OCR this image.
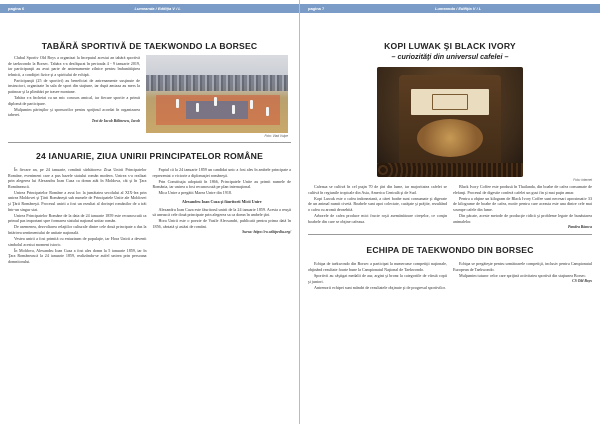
pagina 6	Lumeanda / Edifiţia V / L
TABĂRĂ SPORTIVĂ DE TAEKWONDO LA BORSEC

Clubul Sportiv Old Boys a organizat la începutul acestui an tabără sportivă de taekwondo la Borsec. Tabăra s-a desfăşurat în perioada 4 - 9 ianuarie 2019, iar participanţii au avut parte de antrenamente zilnice pentru îmbunătăţirea tehnicii, a condiţiei fizice şi a spiritului de echipă.

Participanţii (25 de sportivi) au beneficiat de antrenamente susţinute de instructori, organizate în sala de sport din staţiune, iar după amiaza au mers la patinoar şi la plimbări pe trasee montane.

Tabăra s-a încheiat cu un mic concurs amical, iar fiecare sportiv a primit diplomă de participare.

Mulţumim părinţilor şi sponsorilor pentru sprijinul acordat în organizarea taberei.

Text de Iacob Bălinescu, Iacob
Foto: Vlad Vulpe
24 IANUARIE, ZIUA UNIRII PRINCIPATELOR ROMÂNE

În fiecare an, pe 24 ianuarie, românii sărbătoresc Ziua Unirii Principatelor Române, eveniment care a pus bazele statului român modern. Unirea s-a realizat prin alegerea lui Alexandru Ioan Cuza ca domn atât în Moldova, cât şi în Ţara Românească.

Unirea Principatelor Române a avut loc la jumătatea secolului al XIX-lea prin unirea Moldovei şi Ţării Româneşti sub numele de Principatele Unite ale Moldovei şi Ţării Româneşti. Procesul unirii a fost un rezultat al dorinţei românilor de a trăi într-un singur stat.

Unirea Principatelor Române de la data de 24 ianuarie 1859 este recunoscută ca primul pas important spre formarea statului naţional unitar român.

De asemenea, dezvoltarea relaţiilor culturale dintre cele două principate a dus la întărirea sentimentului de unitate naţională.

Vestea unirii a fost primită cu entuziasm de populaţie, iar Hora Unirii a devenit simbolul acestui moment istoric.

În Moldova, Alexandru Ioan Cuza a fost ales domn la 5 ianuarie 1859, iar în Ţara Românească la 24 ianuarie 1859, realizându-se astfel unirea prin persoana domnitorului.

Faptul că la 24 ianuarie 1859 un candidat unic a fost ales în ambele principate a reprezentat o victorie a diplomaţiei româneşti.

Prin Constituţia adoptată în 1866, Principatele Unite au primit numele de România, iar unirea a fost recunoscută pe plan internaţional.

Mica Unire a pregătit Marea Unire din 1918.

Alexandru Ioan Cuza şi făuritorii Micii Unire

Alexandru Ioan Cuza este făuritorul unirii de la 24 ianuarie 1859. Acesta a reuşit să unească cele două principate prin alegerea sa ca domn în ambele ţări.

Hora Unirii este o poezie de Vasile Alecsandri, publicată pentru prima dată în 1856, cântată şi astăzi de români.

Sursa: https://ro.wikipedia.org/
pagina 7	Lumeanda / Edifiţia V / L
KOPI LUWAK ŞI BLACK IVORY
– curiozităţi din universul cafelei –
Foto: internet

Cafeaua se cultivă în cel puţin 70 de ţări din lume, iar majoritatea cafelei se cultivă în regiunile tropicale din Asia, America Centrală şi de Sud.

Kopi Luwak este o cafea indoneziană, a cărei boabe sunt consumate şi digerate de un animal numit civetă. Boabele sunt apoi colectate, curăţate şi prăjite, rezultând o cafea cu aromă deosebită.

Arborele de cafea produce mici fructe roşii asemănătoare cireşelor, ce conţin boabele din care se obţine cafeaua.

Black Ivory Coffee este produsă în Thailanda, din boabe de cafea consumate de elefanţi. Procesul de digestie conferă cafelei un gust fin şi mai puţin amar.

Pentru a obţine un kilogram de Black Ivory Coffee sunt necesari aproximativ 33 de kilograme de boabe de cafea, motiv pentru care aceasta este una dintre cele mai scumpe cafele din lume.

Din păcate, aceste metode de producţie ridică şi probleme legate de bunăstarea animalelor.

Pandea Bianca
ECHIPA DE TAEKWONDO DIN BORSEC

Echipa de taekwondo din Borsec a participat la numeroase competiţii naţionale, obţinând rezultate foarte bune la Campionatul Naţional de Taekwondo.

Sportivii au câştigat medalii de aur, argint şi bronz la categoriile de vârstă copii şi juniori.

Antrenorii echipei sunt mândri de rezultatele obţinute şi de progresul sportivilor.

Echipa se pregăteşte pentru următoarele competiţii, inclusiv pentru Campionatul European de Taekwondo.

Mulţumim tuturor celor care sprijină activitatea sportivă din staţiunea Borsec.

CS Old Boys
